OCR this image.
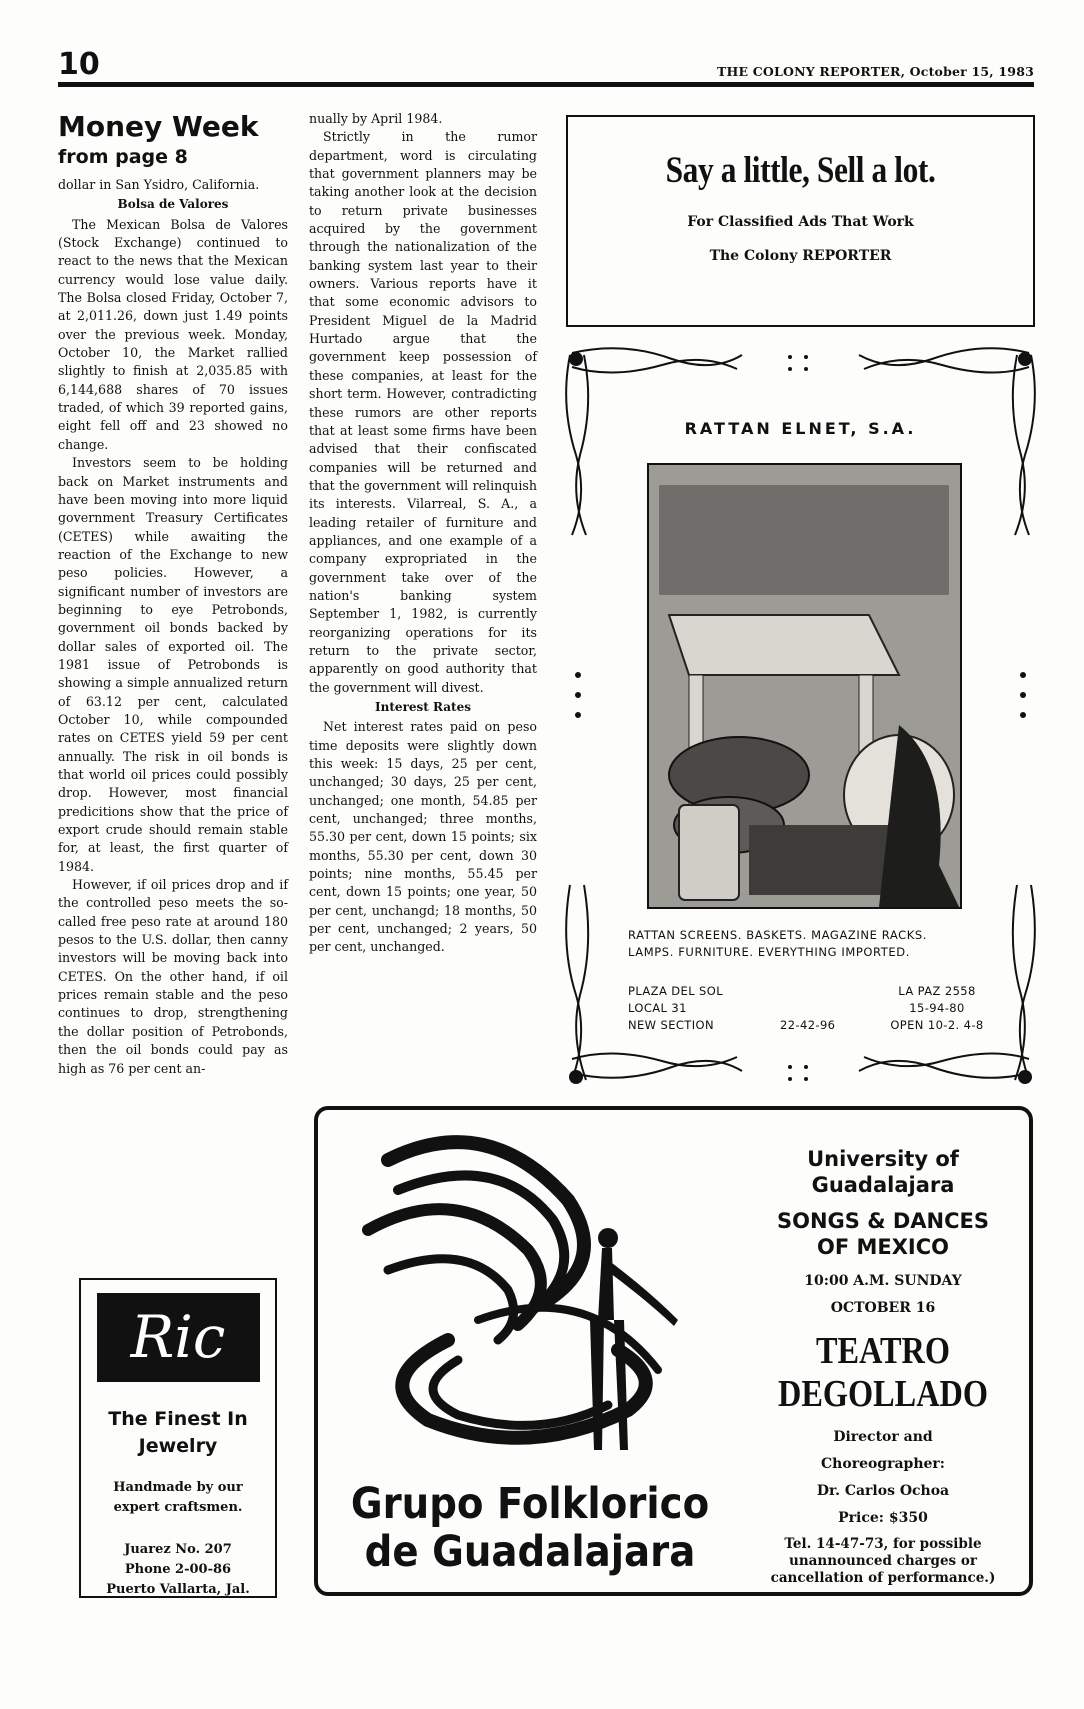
10	THE COLONY REPORTER, October 15, 1983
Money Week
from page 8

dollar in San Ysidro, California.

Bolsa de Valores

The Mexican Bolsa de Valores (Stock Exchange) continued to react to the news that the Mexican currency would lose value daily. The Bolsa closed Friday, October 7, at 2,011.26, down just 1.49 points over the previous week. Monday, October 10, the Market rallied slightly to finish at 2,035.85 with 6,144,688 shares of 70 issues traded, of which 39 reported gains, eight fell off and 23 showed no change.

Investors seem to be holding back on Market instruments and have been moving into more liquid government Treasury Certificates (CETES) while awaiting the reaction of the Exchange to new peso policies. However, a significant number of investors are beginning to eye Petrobonds, government oil bonds backed by dollar sales of exported oil. The 1981 issue of Petrobonds is showing a simple annualized return of 63.12 per cent, calculated October 10, while compounded rates on CETES yield 59 per cent annually. The risk in oil bonds is that world oil prices could possibly drop. However, most financial predicitions show that the price of export crude should remain stable for, at least, the first quarter of 1984.

However, if oil prices drop and if the controlled peso meets the so-called free peso rate at around 180 pesos to the U.S. dollar, then canny investors will be moving back into CETES. On the other hand, if oil prices remain stable and the peso continues to drop, strengthening the dollar position of Petrobonds, then the oil bonds could pay as high as 76 per cent an-

nually by April 1984.

Strictly in the rumor department, word is circulating that government planners may be taking another look at the decision to return private businesses acquired by the government through the nationalization of the banking system last year to their owners. Various reports have it that some economic advisors to President Miguel de la Madrid Hurtado argue that the government keep possession of these companies, at least for the short term. However, contradicting these rumors are other reports that at least some firms have been advised that their confiscated companies will be returned and that the government will relinquish its interests. Vilarreal, S. A., a leading retailer of furniture and appliances, and one example of a company expropriated in the government take over of the nation's banking system September 1, 1982, is currently reorganizing operations for its return to the private sector, apparently on good authority that the government will divest.

Interest Rates

Net interest rates paid on peso time deposits were slightly down this week: 15 days, 25 per cent, unchanged; 30 days, 25 per cent, unchanged; one month, 54.85 per cent, unchanged; three months, 55.30 per cent, down 15 points; six months, 55.30 per cent, down 30 points; nine months, 55.45 per cent, down 15 points; one year, 50 per cent, unchangd; 18 months, 50 per cent, unchanged; 2 years, 50 per cent, unchanged.

Say a little, Sell a lot.
For Classified Ads That Work
The Colony REPORTER
RATTAN ELNET, S.A.
RATTAN SCREENS. BASKETS. MAGAZINE RACKS.
LAMPS. FURNITURE. EVERYTHING IMPORTED.
PLAZA DEL SOL
LOCAL 31
NEW SECTION	22-42-96
LA PAZ 2558
15-94-80
OPEN 10-2. 4-8
Ric
The Finest In
Jewelry
Handmade by our
expert craftsmen.
Juarez No. 207
Phone 2-00-86
Puerto Vallarta, Jal.
University of
Guadalajara
SONGS & DANCES
OF MEXICO
10:00 A.M. SUNDAY
OCTOBER 16
TEATRO
DEGOLLADO
Director and
Choreographer:
Dr. Carlos Ochoa
Price: $350
Tel. 14-47-73, for possible
unannounced charges or
cancellation of performance.)
Grupo Folklorico
de Guadalajara
